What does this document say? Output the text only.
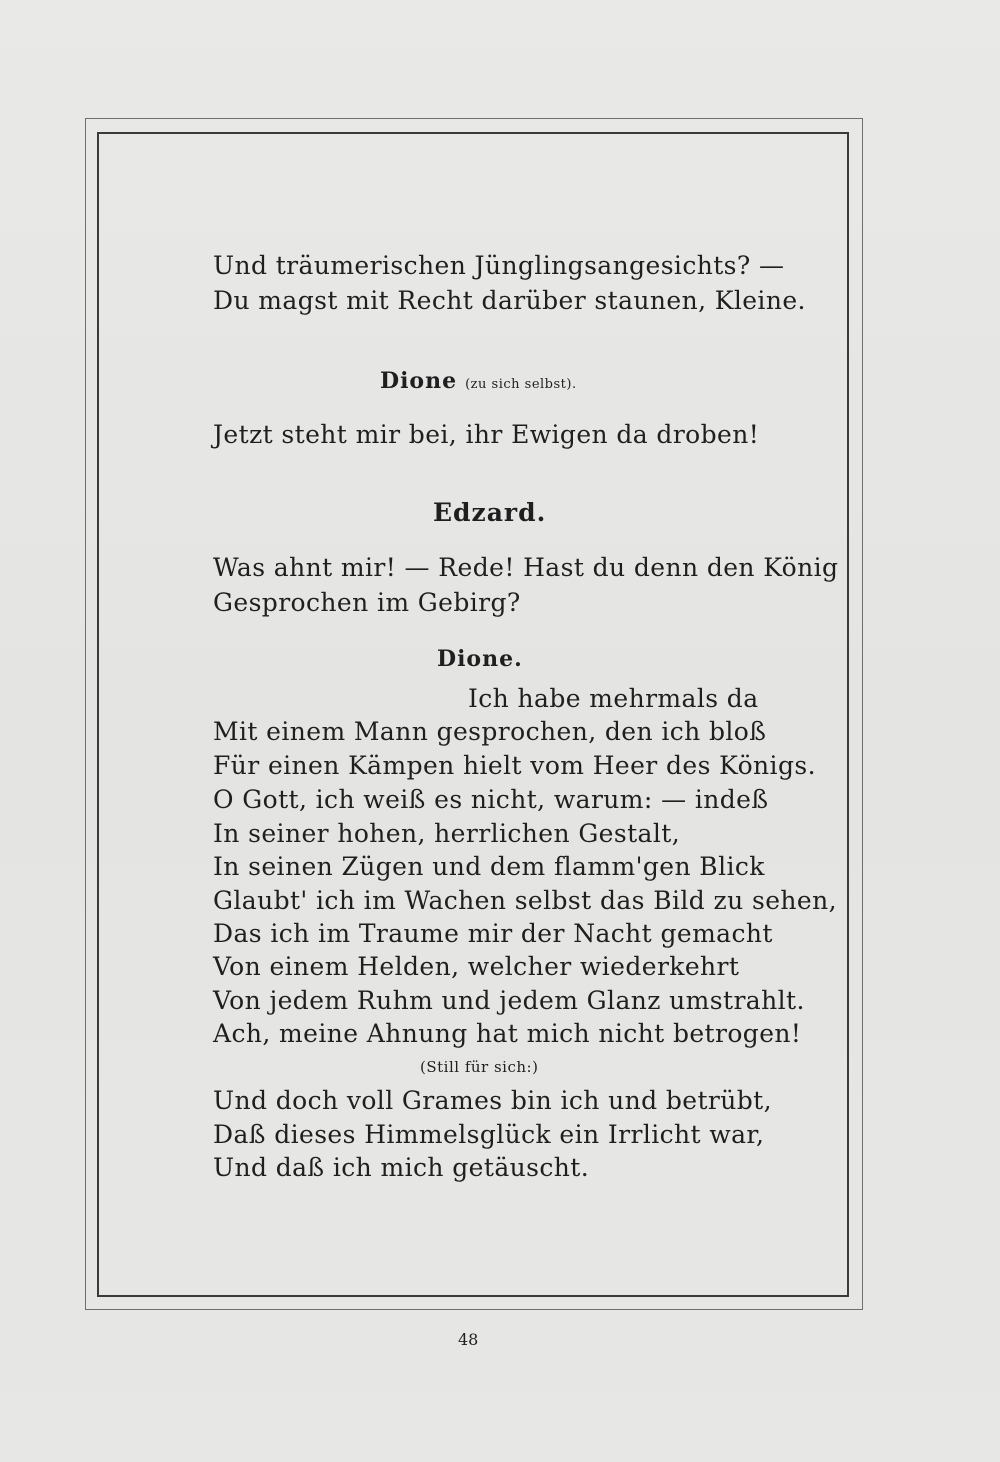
Und träumerischen Jünglingsangesichts? —
Du magst mit Recht darüber staunen, Kleine.
Dione (zu sich selbst).
Jetzt steht mir bei, ihr Ewigen da droben!
Edzard.
Was ahnt mir! — Rede! Hast du denn den König
Gesprochen im Gebirg?
Dione.
Ich habe mehrmals da
Mit einem Mann gesprochen, den ich bloß
Für einen Kämpen hielt vom Heer des Königs.
O Gott, ich weiß es nicht, warum: — indeß
In seiner hohen, herrlichen Gestalt,
In seinen Zügen und dem flamm'gen Blick
Glaubt' ich im Wachen selbst das Bild zu sehen,
Das ich im Traume mir der Nacht gemacht
Von einem Helden, welcher wiederkehrt
Von jedem Ruhm und jedem Glanz umstrahlt.
Ach, meine Ahnung hat mich nicht betrogen!
(Still für sich:)
Und doch voll Grames bin ich und betrübt,
Daß dieses Himmelsglück ein Irrlicht war,
Und daß ich mich getäuscht.
48
